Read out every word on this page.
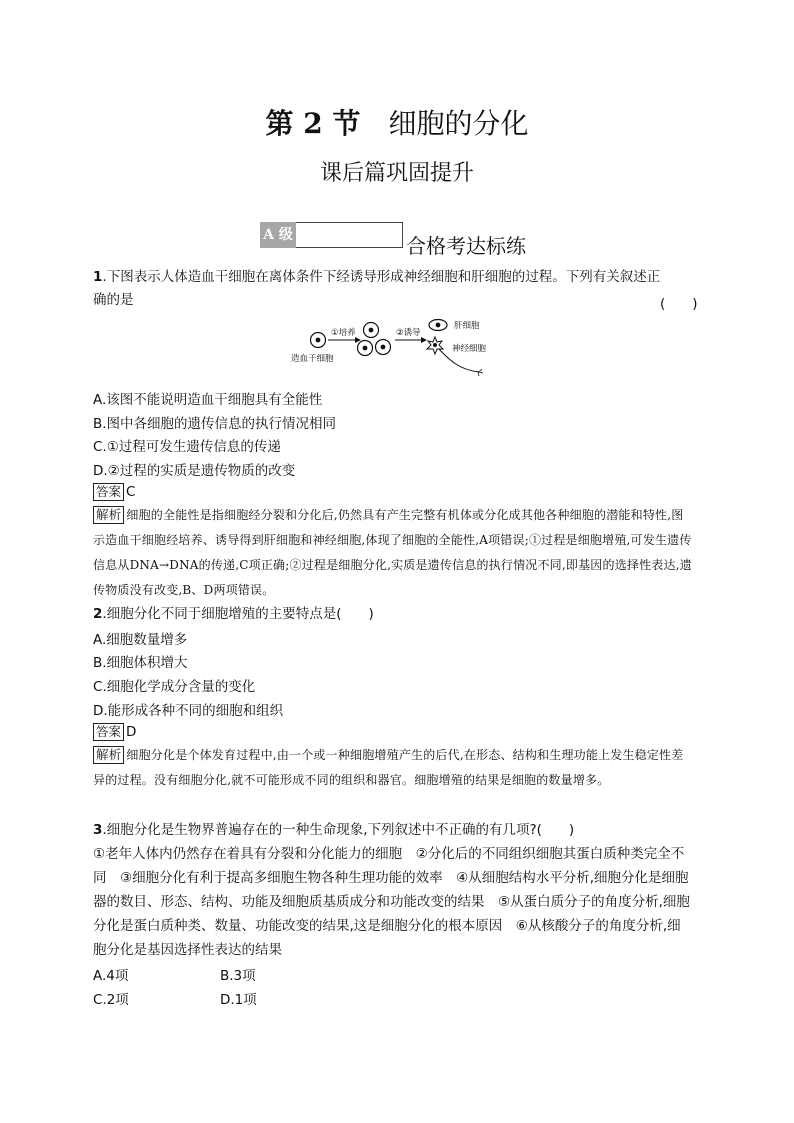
第 2 节　 细胞的分化
课后篇巩固提升
A 级	合格考达标练
1.下图表示人体造血干细胞在离体条件下经诱导形成神经细胞和肝细胞的过程。下列有关叙述正
确的是	(　　)
①培养	②诱导
肝细胞
神经细胞
造血干细胞
A.该图不能说明造血干细胞具有全能性
B.图中各细胞的遗传信息的执行情况相同
C.①过程可发生遗传信息的传递
D.②过程的实质是遗传物质的改变
答案 C
解析 细胞的全能性是指细胞经分裂和分化后,仍然具有产生完整有机体或分化成其他各种细胞的潜能和特性,图示造血干细胞经培养、诱导得到肝细胞和神经细胞,体现了细胞的全能性,A项错误;①过程是细胞增殖,可发生遗传信息从DNA→DNA的传递,C项正确;②过程是细胞分化,实质是遗传信息的执行情况不同,即基因的选择性表达,遗传物质没有改变,B、D两项错误。
2.细胞分化不同于细胞增殖的主要特点是(　　)
A.细胞数量增多
B.细胞体积增大
C.细胞化学成分含量的变化
D.能形成各种不同的细胞和组织
答案 D
解析 细胞分化是个体发育过程中,由一个或一种细胞增殖产生的后代,在形态、结构和生理功能上发生稳定性差异的过程。没有细胞分化,就不可能形成不同的组织和器官。细胞增殖的结果是细胞的数量增多。
3.细胞分化是生物界普遍存在的一种生命现象,下列叙述中不正确的有几项?(　　)
①老年人体内仍然存在着具有分裂和分化能力的细胞　②分化后的不同组织细胞其蛋白质种类完全不同　③细胞分化有利于提高多细胞生物各种生理功能的效率　④从细胞结构水平分析,细胞分化是细胞器的数目、形态、结构、功能及细胞质基质成分和功能改变的结果　⑤从蛋白质分子的角度分析,细胞分化是蛋白质种类、数量、功能改变的结果,这是细胞分化的根本原因　⑥从核酸分子的角度分析,细胞分化是基因选择性表达的结果
A.4项	B.3项
C.2项	D.1项
